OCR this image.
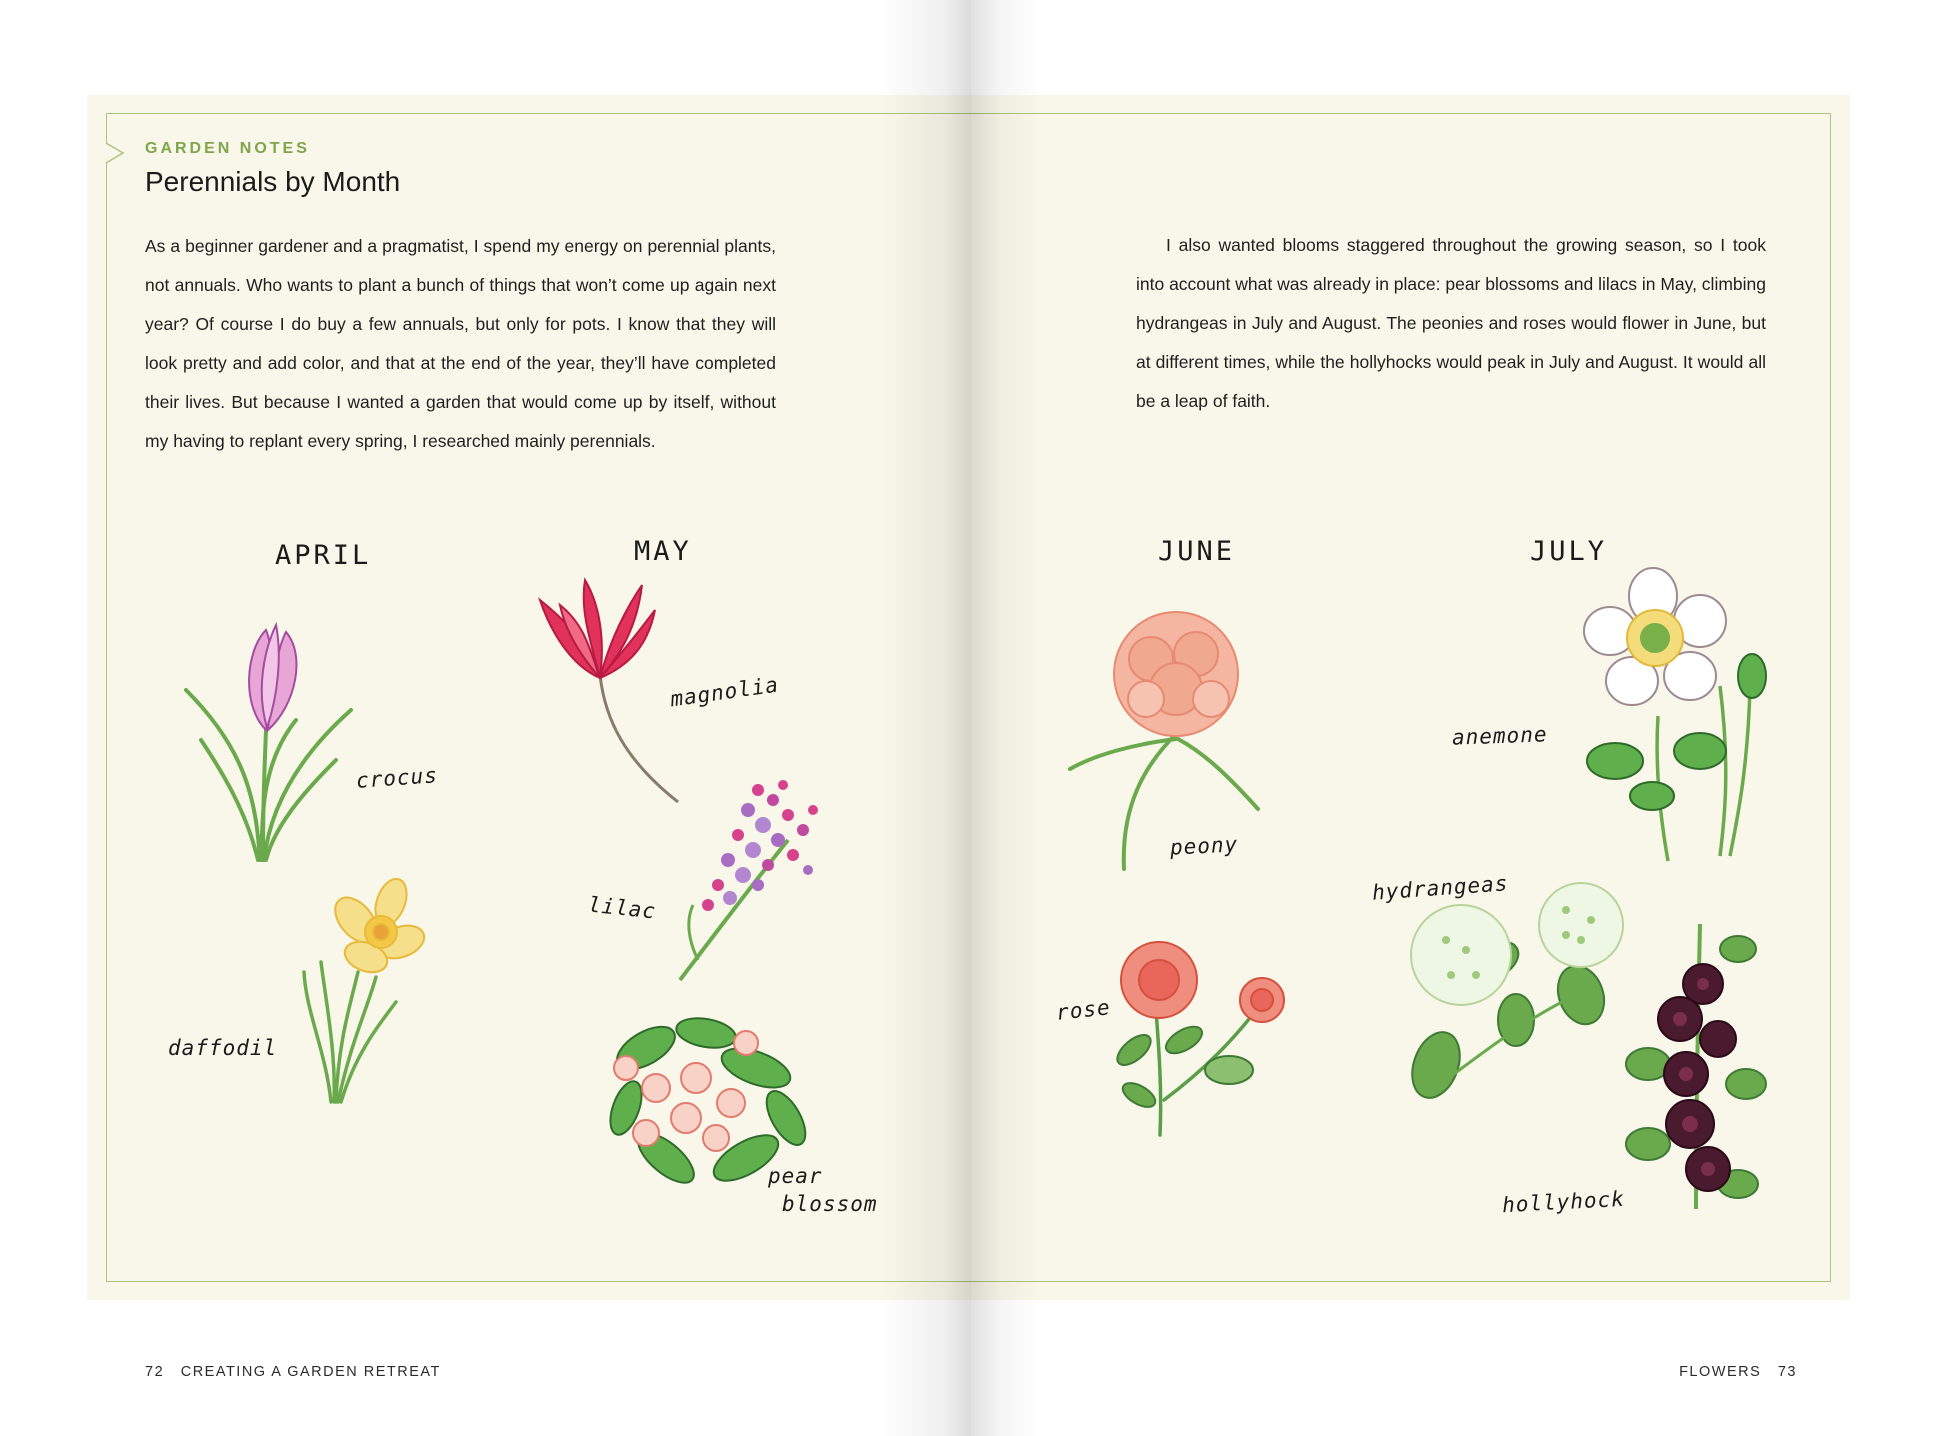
GARDEN NOTES
Perennials by Month
As a beginner gardener and a pragmatist, I spend my energy on perennial plants, not annuals. Who wants to plant a bunch of things that won’t come up again next year? Of course I do buy a few annuals, but only for pots. I know that they will look pretty and add color, and that at the end of the year, they’ll have completed their lives. But because I wanted a garden that would come up by itself, without my having to replant every spring, I researched mainly perennials.
I also wanted blooms staggered throughout the growing season, so I took into account what was already in place: pear blossoms and lilacs in May, climbing hydrangeas in July and August. The peonies and roses would flower in June, but at different times, while the hollyhocks would peak in July and August. It would all be a leap of faith.
APRIL	MAY	JUNE	JULY
crocus
daffodil
magnolia
lilac
pear
blossom
peony
rose
anemone
hydrangeas
hollyhock
72 CREATING A GARDEN RETREAT	FLOWERS 73
